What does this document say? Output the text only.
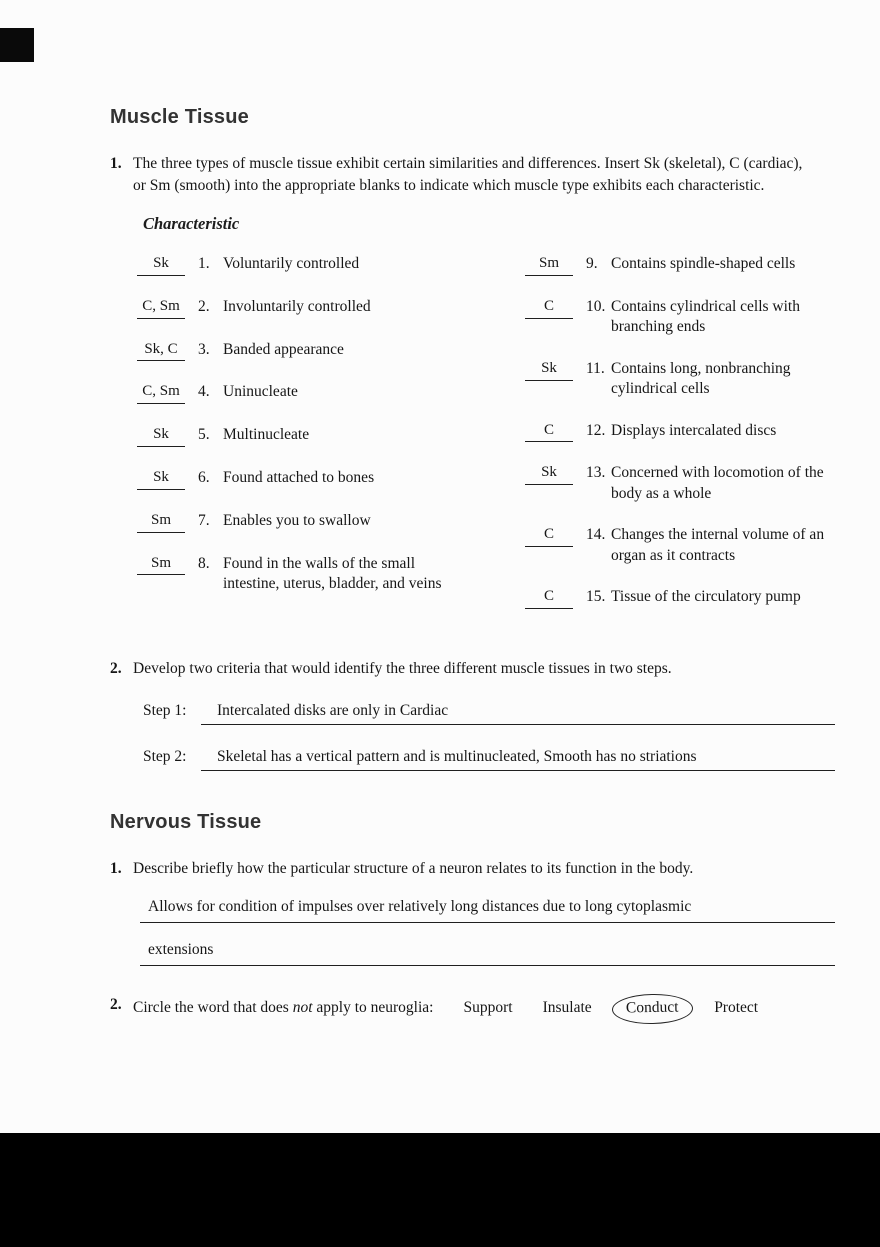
Muscle Tissue
1. The three types of muscle tissue exhibit certain similarities and differences. Insert Sk (skeletal), C (cardiac), or Sm (smooth) into the appropriate blanks to indicate which muscle type exhibits each characteristic.
Characteristic
Sk	1. Voluntarily controlled
C, Sm	2. Involuntarily controlled
Sk, C	3. Banded appearance
C, Sm	4. Uninucleate
Sk	5. Multinucleate
Sk	6. Found attached to bones
Sm	7. Enables you to swallow
Sm	8. Found in the walls of the small intestine, uterus, bladder, and veins
Sm	9. Contains spindle-shaped cells
C	10. Contains cylindrical cells with branching ends
Sk	11. Contains long, nonbranching cylindrical cells
C	12. Displays intercalated discs
Sk	13. Concerned with locomotion of the body as a whole
C	14. Changes the internal volume of an organ as it contracts
C	15. Tissue of the circulatory pump
2. Develop two criteria that would identify the three different muscle tissues in two steps.
Step 1:	Intercalated disks are only in Cardiac
Step 2:	Skeletal has a vertical pattern and is multinucleated, Smooth has no striations
Nervous Tissue
1. Describe briefly how the particular structure of a neuron relates to its function in the body.
Allows for condition of impulses over relatively long distances due to long cytoplasmic
extensions
2. Circle the word that does not apply to neuroglia: Support Insulate Conduct Protect
